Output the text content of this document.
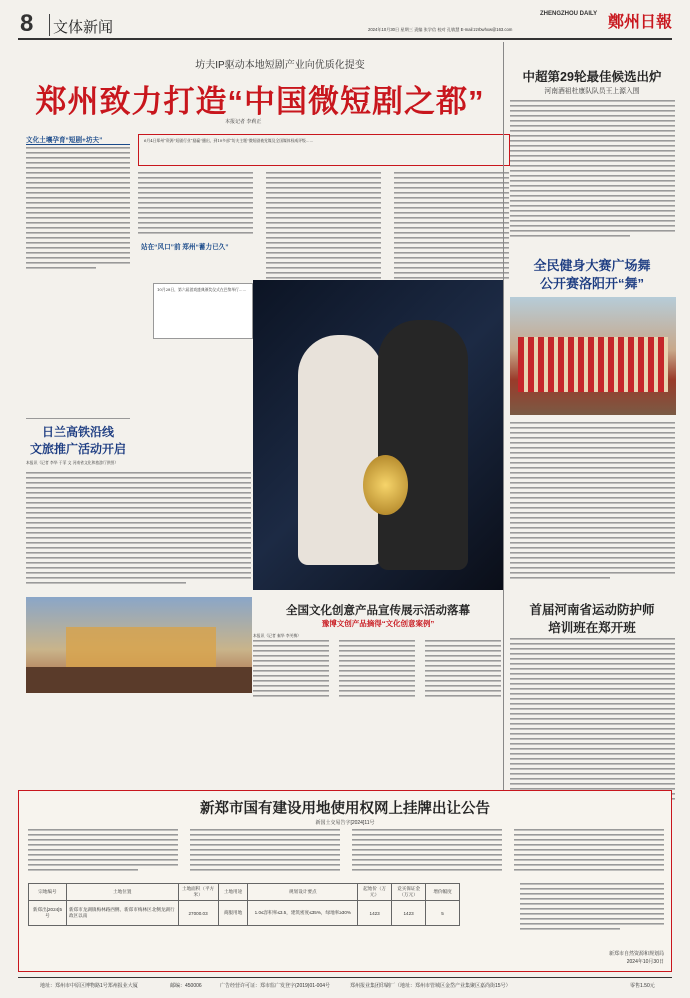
8	文体新闻
ZHENGZHOU DAILY 鄭州日報
2024年10月30日 星期三 责编 张学信 校对 孔敏慧 E-mail:zzrbwhxw@163.com
坊夫IP驱动本地短剧产业向优质化提变
郑州致力打造“中国微短剧之都”
本报记者 李莉正
文化土壤孕育“短剧+坊夫”	6月4日郑州“资源”短剧行业“励赢”播出，到10多部“坊夫主题”微短剧被党媒及全国媒体权威评级……
站在“风口”前 郑州“蓄力已久”
日兰高铁沿线
文旅推广活动开启
本报讯（记者 李华 于菲 文 河南省文化和旅游厅供图）
10月28日，第六届游戏盛典颁奖仪式在巴黎举行……
全国文化创意产品宣传展示活动落幕
豫博文创产品摘得“文化创意案例”
本报讯（记者 秦华 李芙梅）
中超第29轮最佳候选出炉
河南酒祖杜康队队员王上源入围
全民健身大赛广场舞
公开赛洛阳开“舞”
首届河南省运动防护师
培训班在郑开班
新郑市国有建设用地使用权网上挂牌出让公告
新国土交易告字[2024]11号
宗地编号	土地位置	土地面积（平方米）	土地用途	规划设计要点	起始价（万元）	竞买保证金（万元）	增价幅度
新郑出[2024]5号	新郑市龙湖镇梅林路西侧、新郑市梅林区北侧龙湖行政区以南	27000.03	商服用地	1.0≤容积率≤3.5，建筑密度≤35%，绿地率≥30%	1423	1423	5
新郑市自然资源和规划局
2024年10月30日
地址：郑州市中原区博物路1号郑州报业大厦	邮编：450006	广告经营许可证：郑市监广发登字(2019)01-004号	郑州报业集团印刷厂（地址：郑州市管城区金岱产业集聚区嘉尚街15号）	零售1.50元
